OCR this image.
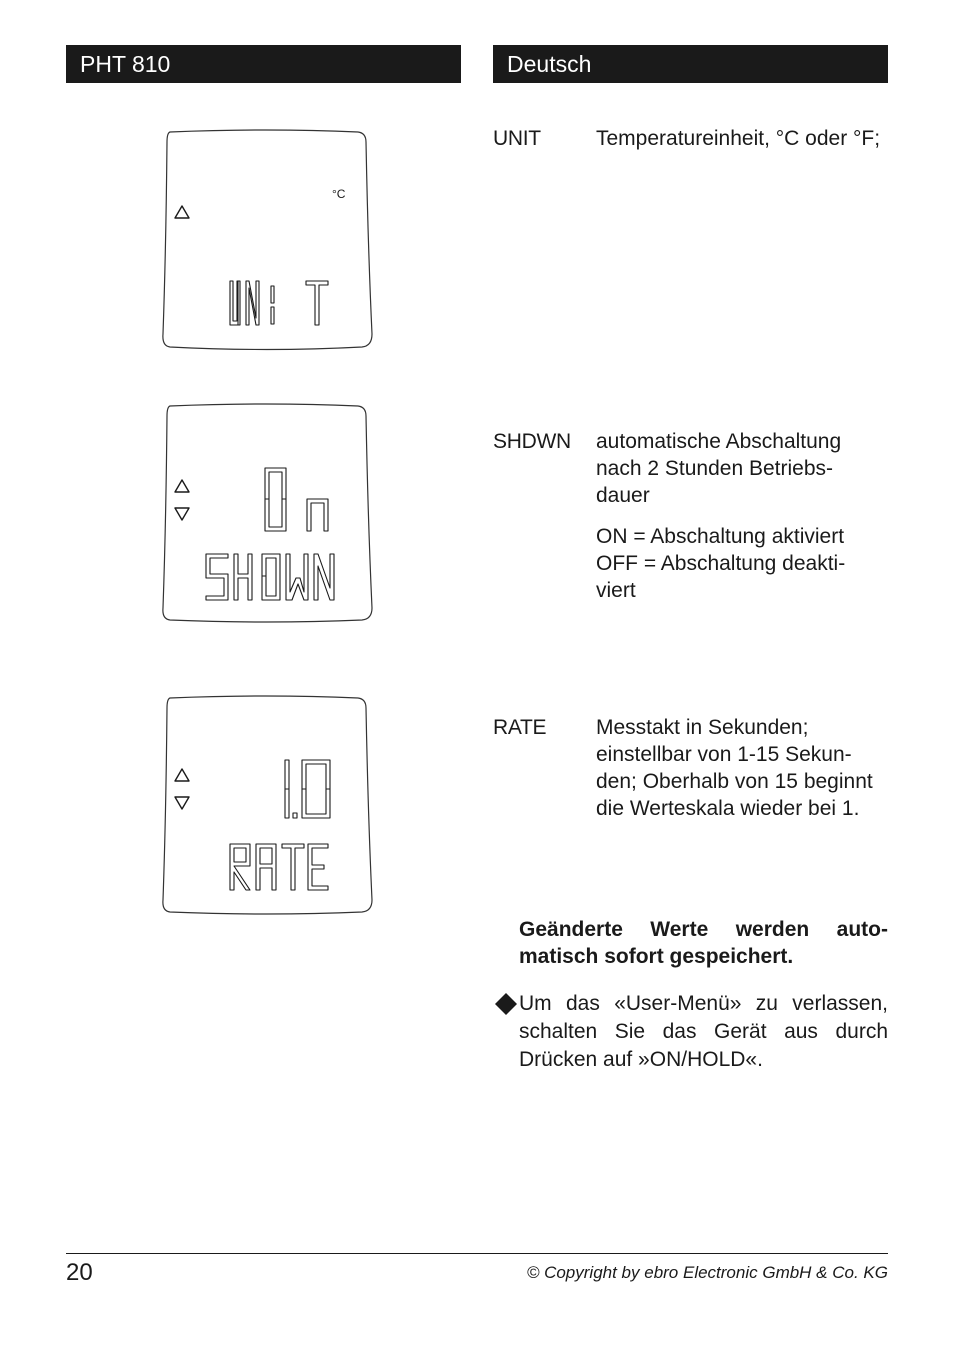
PHT 810	Deutsch
°C
UNIT	Temperatureinheit, °C oder °F;

SHDWN automatische Abschaltung nach 2 Stunden Betriebs-dauer

ON = Abschaltung aktiviert OFF = Abschaltung deakti-viert

RATE Messtakt in Sekunden; einstellbar von 1-15 Sekun-den; Oberhalb von 15 beginnt die Werteskala wieder bei 1.

Geänderte Werte werden auto-matisch sofort gespeichert.
Um das «User-Menü» zu verlassen, schalten Sie das Gerät aus durch Drücken auf »ON/HOLD«.
20	© Copyright by ebro Electronic GmbH & Co. KG
